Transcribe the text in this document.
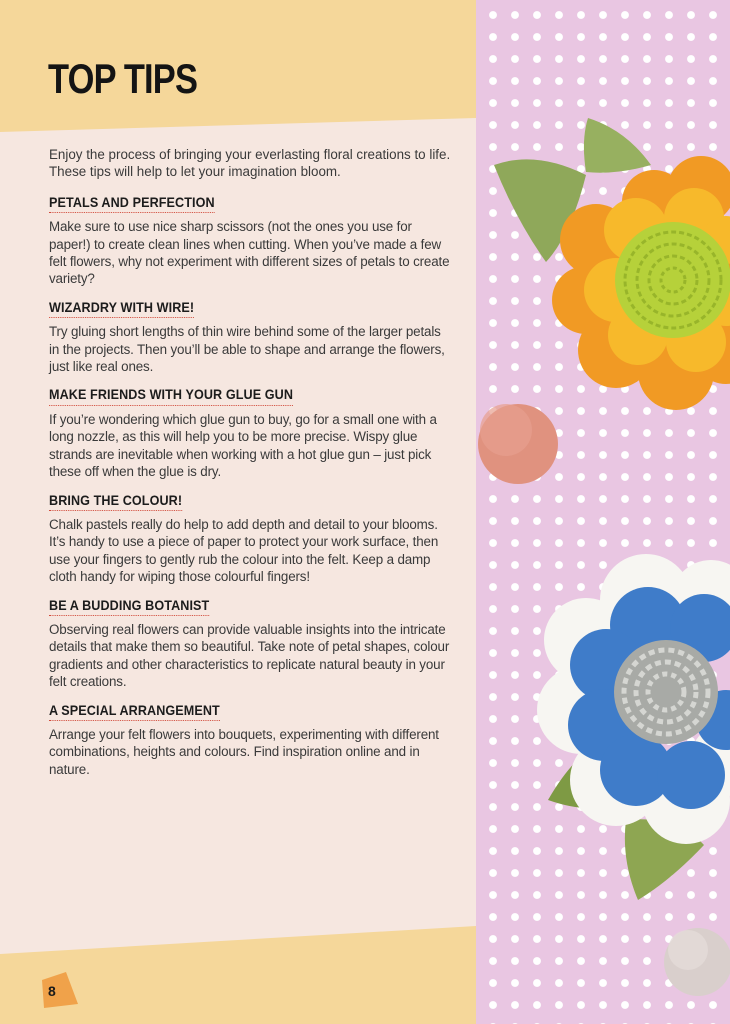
TOP TIPS

Enjoy the process of bringing your everlasting floral creations to life. These tips will help to let your imagination bloom.

PETALS AND PERFECTION

Make sure to use nice sharp scissors (not the ones you use for paper!) to create clean lines when cutting. When you’ve made a few felt flowers, why not experiment with different sizes of petals to create variety?

WIZARDRY WITH WIRE!

Try gluing short lengths of thin wire behind some of the larger petals in the projects. Then you’ll be able to shape and arrange the flowers, just like real ones.

MAKE FRIENDS WITH YOUR GLUE GUN

If you’re wondering which glue gun to buy, go for a small one with a long nozzle, as this will help you to be more precise. Wispy glue strands are inevitable when working with a hot glue gun – just pick these off when the glue is dry.

BRING THE COLOUR!

Chalk pastels really do help to add depth and detail to your blooms. It’s handy to use a piece of paper to protect your work surface, then use your fingers to gently rub the colour into the felt. Keep a damp cloth handy for wiping those colourful fingers!

BE A BUDDING BOTANIST

Observing real flowers can provide valuable insights into the intricate details that make them so beautiful. Take note of petal shapes, colour gradients and other characteristics to replicate natural beauty in your felt creations.

A SPECIAL ARRANGEMENT

Arrange your felt flowers into bouquets, experimenting with different combinations, heights and colours. Find inspiration online and in nature.

8
